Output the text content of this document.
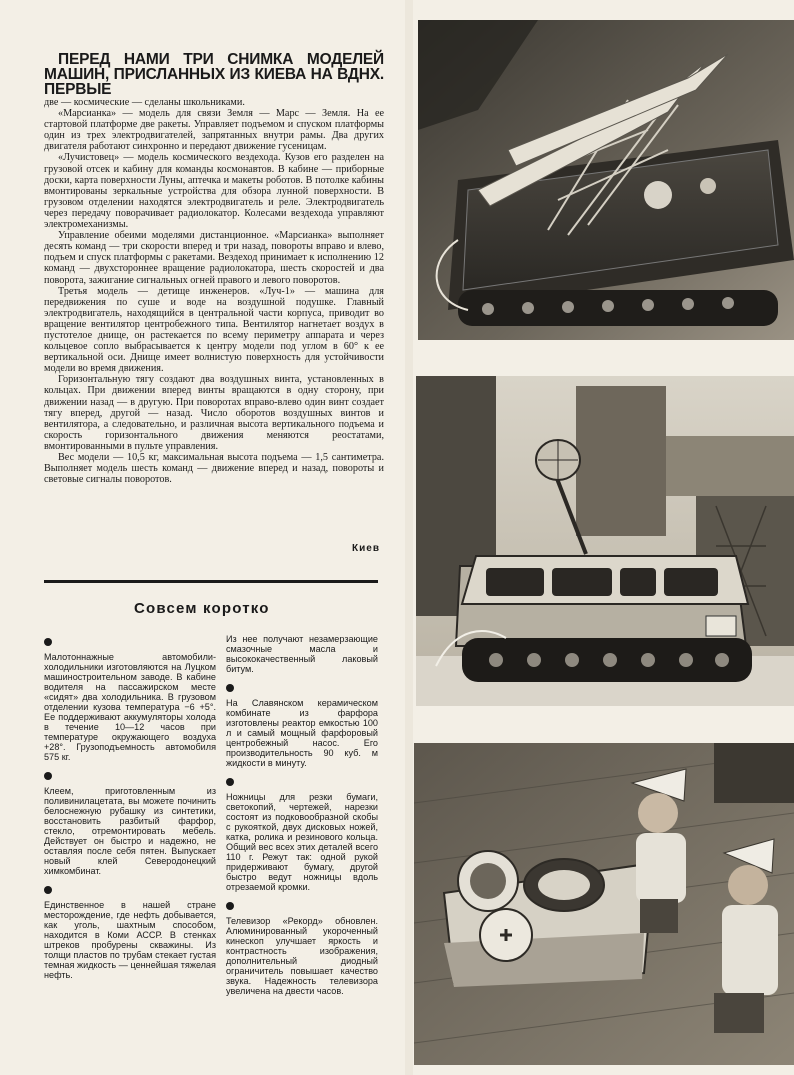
ПЕРЕД НАМИ ТРИ СНИМКА МОДЕЛЕЙ МАШИН, ПРИСЛАННЫХ ИЗ КИЕВА НА ВДНХ. ПЕРВЫЕ

две — космические — сделаны школьниками.

«Марсианка» — модель для связи Земля — Марс — Земля. На ее стартовой платформе две ракеты. Управляет подъемом и спуском платформы один из трех электродвигателей, запрятанных внутри рамы. Два других двигателя работают синхронно и передают движение гусеницам.

«Лучистовец» — модель космического вездехода. Кузов его разделен на грузовой отсек и кабину для команды космонавтов. В кабине — приборные доски, карта поверхности Луны, аптечка и макеты роботов. В потолке кабины вмонтированы зеркальные устройства для обзора лунной поверхности. В грузовом отделении находятся электродвигатель и реле. Электродвигатель через передачу поворачивает радиолокатор. Колесами вездехода управляют электромеханизмы.

Управление обеими моделями дистанционное. «Марсианка» выполняет десять команд — три скорости вперед и три назад, повороты вправо и влево, подъем и спуск платформы с ракетами. Вездеход принимает к исполнению 12 команд — двухстороннее вращение радиолокатора, шесть скоростей и два поворота, зажигание сигнальных огней правого и левого поворотов.

Третья модель — детище инженеров. «Луч-1» — машина для передвижения по суше и воде на воздушной подушке. Главный электродвигатель, находящийся в центральной части корпуса, приводит во вращение вентилятор центробежного типа. Вентилятор нагнетает воздух в пустотелое днище, он растекается по всему периметру аппарата и через кольцевое сопло выбрасывается к центру модели под углом в 60° к ее вертикальной оси. Днище имеет волнистую поверхность для устойчивости модели во время движения.

Горизонтальную тягу создают два воздушных винта, установленных в кольцах. При движении вперед винты вращаются в одну сторону, при движении назад — в другую. При поворотах вправо-влево один винт создает тягу вперед, другой — назад. Число оборотов воздушных винтов и вентилятора, а следовательно, и различная высота вертикального подъема и скорость горизонтального движения меняются реостатами, вмонтированными в пульте управления.

Вес модели — 10,5 кг, максимальная высота подъема — 1,5 сантиметра. Выполняет модель шесть команд — движение вперед и назад, повороты и световые сигналы поворотов.

Киев
Совсем коротко
Малотоннажные автомобили-холодильники изготовляются на Луцком машиностроительном заводе. В кабине водителя на пассажирском месте «сидят» два холодильника. В грузовом отделении кузова температура −6 +5°. Ее поддерживают аккумуляторы холода в течение 10—12 часов при температуре окружающего воздуха +28°. Грузоподъемность автомобиля 575 кг.
Клеем, приготовленным из поливинилацетата, вы можете починить белоснежную рубашку из синтетики, восстановить разбитый фарфор, стекло, отремонтировать мебель. Действует он быстро и надежно, не оставляя после себя пятен. Выпускает новый клей Северодонецкий химкомбинат.
Единственное в нашей стране месторождение, где нефть добывается, как уголь, шахтным способом, находится в Коми АССР. В стенках штреков пробурены скважины. Из толщи пластов по трубам стекает густая темная жидкость — ценнейшая тяжелая нефть.

Из нее получают незамерзающие смазочные масла и высококачественный лаковый битум.

На Славянском керамическом комбинате из фарфора изготовлены реактор емкостью 100 л и самый мощный фарфоровый центробежный насос. Его производительность 90 куб. м жидкости в минуту.
Ножницы для резки бумаги, светокопий, чертежей, нарезки состоят из подковообразной скобы с рукояткой, двух дисковых ножей, катка, ролика и резинового кольца. Общий вес всех этих деталей всего 110 г. Режут так: одной рукой придерживают бумагу, другой быстро ведут ножницы вдоль отрезаемой кромки.
Телевизор «Рекорд» обновлен. Алюминированный укороченный кинескоп улучшает яркость и контрастность изображения, дополнительный диодный ограничитель повышает качество звука. Надежность телевизора увеличена на двести часов.
